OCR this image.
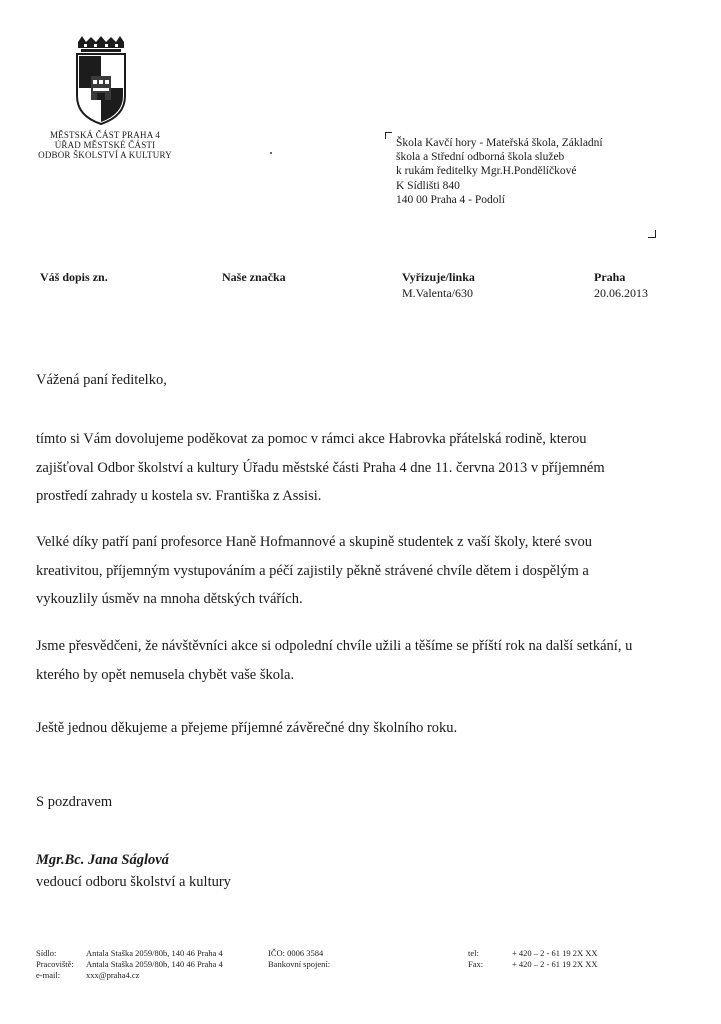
MĚSTSKÁ ČÁST PRAHA 4
ÚŘAD MĚSTSKÉ ČÁSTI
ODBOR ŠKOLSTVÍ A KULTURY
Škola Kavčí hory - Mateřská škola, Základní
škola a Střední odborná škola služeb
k rukám ředitelky Mgr.H.Pondělíčkové
K Sídlišti 840
140 00 Praha 4 - Podolí
Váš dopis zn.	Naše značka	Vyřizuje/linka
M.Valenta/630
Praha
20.06.2013
Vážená paní ředitelko,
tímto si Vám dovolujeme poděkovat za pomoc v rámci akce Habrovka přátelská rodině, kterou
zajišťoval Odbor školství a kultury Úřadu městské části Praha 4 dne 11. června 2013 v příjemném
prostředí zahrady u kostela sv. Františka z Assisi.
Velké díky patří paní profesorce Haně Hofmannové a skupině studentek z vaší školy, které svou
kreativitou, příjemným vystupováním a péčí zajistily pěkně strávené chvíle dětem i dospělým a
vykouzlily úsměv na mnoha dětských tvářích.
Jsme přesvědčeni, že návštěvníci akce si odpolední chvíle užili a těšíme se příští rok na další setkání, u
kterého by opět nemusela chybět vaše škola.
Ještě jednou děkujeme a přejeme příjemné závěrečné dny školního roku.
S pozdravem
Mgr.Bc. Jana Ságlová
vedoucí odboru školství a kultury
Sídlo:
Pracoviště:
e-mail:
Antala Staška 2059/80b, 140 46 Praha 4
Antala Staška 2059/80b, 140 46 Praha 4
xxx@praha4.cz
IČO: 0006 3584
Bankovní spojení:
tel:
Fax:
+ 420 – 2 - 61 19 2X XX
+ 420 – 2 - 61 19 2X XX
